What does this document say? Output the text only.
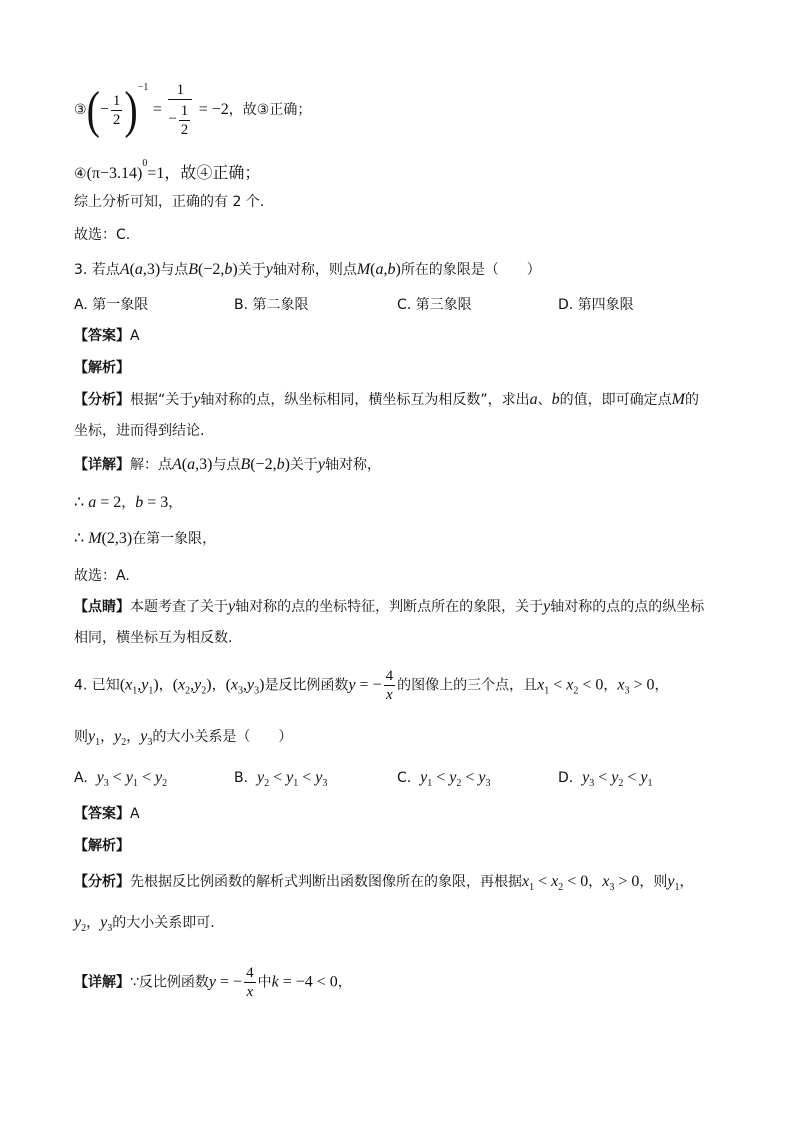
③(− $\frac{1}{2} )^{-1} = \frac{1}{- \frac{1}{2}} = -2$，故③正确；
$④(\pi-3.14)^0=1$，故④正确；
综上分析可知，正确的有 2 个.
故选：C.
3. 若点A(a,3)与点B(−2,b)关于y轴对称，则点M(a,b)所在的象限是（　　）
A. 第一象限	B. 第二象限	C. 第三象限	D. 第四象限
【答案】A
【解析】
【分析】根据“关于y轴对称的点，纵坐标相同，横坐标互为相反数”，求出a、b的值，即可确定点M的
坐标，进而得到结论.
【详解】解：点A(a,3)与点B(−2,b)关于y轴对称，
∴ a = 2，b = 3，
∴ M(2,3)在第一象限，
故选：A.
【点睛】本题考查了关于y轴对称的点的坐标特征，判断点所在的象限，关于y轴对称的点的点的纵坐标
相同，横坐标互为相反数.
4. 已知$(x_1,y_1)$，$(x_2,y_2)$，$(x_3,y_3)$是反比例函数y = − $\frac{4}{x}$ 的图像上的三个点，且$x_1 < x_2 < 0$，$x_3 > 0$，
则$y_1$，$y_2$，$y_3$的大小关系是（　　）
A. $y_3 < y_1 < y_2$	B. $y_2 < y_1 < y_3$	C. $y_1 < y_2 < y_3$	D. $y_3 < y_2 < y_1$
【答案】A
【解析】
【分析】先根据反比例函数的解析式判断出函数图像所在的象限，再根据$x_1 < x_2 < 0$，$x_3 > 0$，则$y_1$，
$y_2$，$y_3$的大小关系即可.
【详解】∵反比例函数y = − $\frac{4}{x}$ 中k = −4 < 0，
